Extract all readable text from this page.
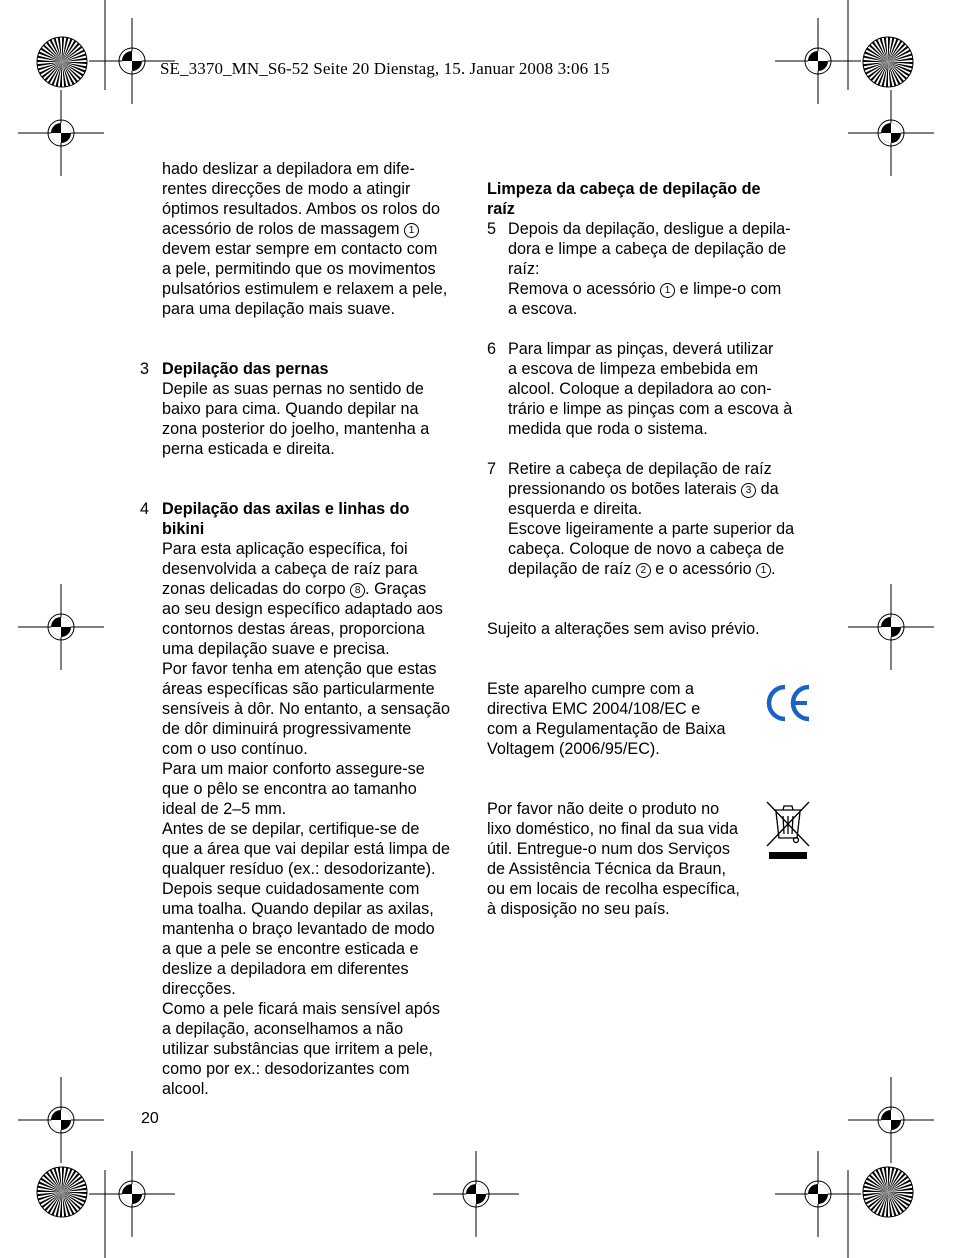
SE_3370_MN_S6-52 Seite 20 Dienstag, 15. Januar 2008 3:06 15

hado deslizar a depiladora em dife-

rentes direcções de modo a atingir

óptimos resultados. Ambos os rolos do

acessório de rolos de massagem 1

devem estar sempre em contacto com

a pele, permitindo que os movimentos

pulsatórios estimulem e relaxem a pele,

para uma depilação mais suave.

3 Depilação das pernas

Depile as suas pernas no sentido de

baixo para cima. Quando depilar na

zona posterior do joelho, mantenha a

perna esticada e direita.

4 Depilação das axilas e linhas do

bikini

Para esta aplicação específica, foi

desenvolvida a cabeça de raíz para

zonas delicadas do corpo 8 . Graças

ao seu design específico adaptado aos

contornos destas áreas, proporciona

uma depilação suave e precisa.

Por favor tenha em atenção que estas

áreas específicas são particularmente

sensíveis à dôr. No entanto, a sensação

de dôr diminuirá progressivamente

com o uso contínuo.

Para um maior conforto assegure-se

que o pêlo se encontra ao tamanho

ideal de 2–5 mm.

Antes de se depilar, certifique-se de

que a área que vai depilar está limpa de

qualquer resíduo (ex.: desodorizante).

Depois seque cuidadosamente com

uma toalha. Quando depilar as axilas,

mantenha o braço levantado de modo

a que a pele se encontre esticada e

deslize a depiladora em diferentes

direcções.

Como a pele ficará mais sensível após

a depilação, aconselhamos a não

utilizar substâncias que irritem a pele,

como por ex.: desodorizantes com

alcool.

20

Limpeza da cabeça de depilação de

raíz

5 Depois da depilação, desligue a depila-

dora e limpe a cabeça de depilação de

raíz:

Remova o acessório 1 e limpe-o com

a escova.

6 Para limpar as pinças, deverá utilizar

a escova de limpeza embebida em

alcool. Coloque a depiladora ao con-

trário e limpe as pinças com a escova à

medida que roda o sistema.

7 Retire a cabeça de depilação de raíz

pressionando os botões laterais 3 da

esquerda e direita.

Escove ligeiramente a parte superior da

cabeça. Coloque de novo a cabeça de

depilação de raíz 2 e o acessório 1 .

Sujeito a alterações sem aviso prévio.

Este aparelho cumpre com a

directiva EMC 2004/108/EC e

com a Regulamentação de Baixa

Voltagem (2006/95/EC).

Por favor não deite o produto no

lixo doméstico, no final da sua vida

útil. Entregue-o num dos Serviços

de Assistência Técnica da Braun,

ou em locais de recolha específica,

à disposição no seu país.
